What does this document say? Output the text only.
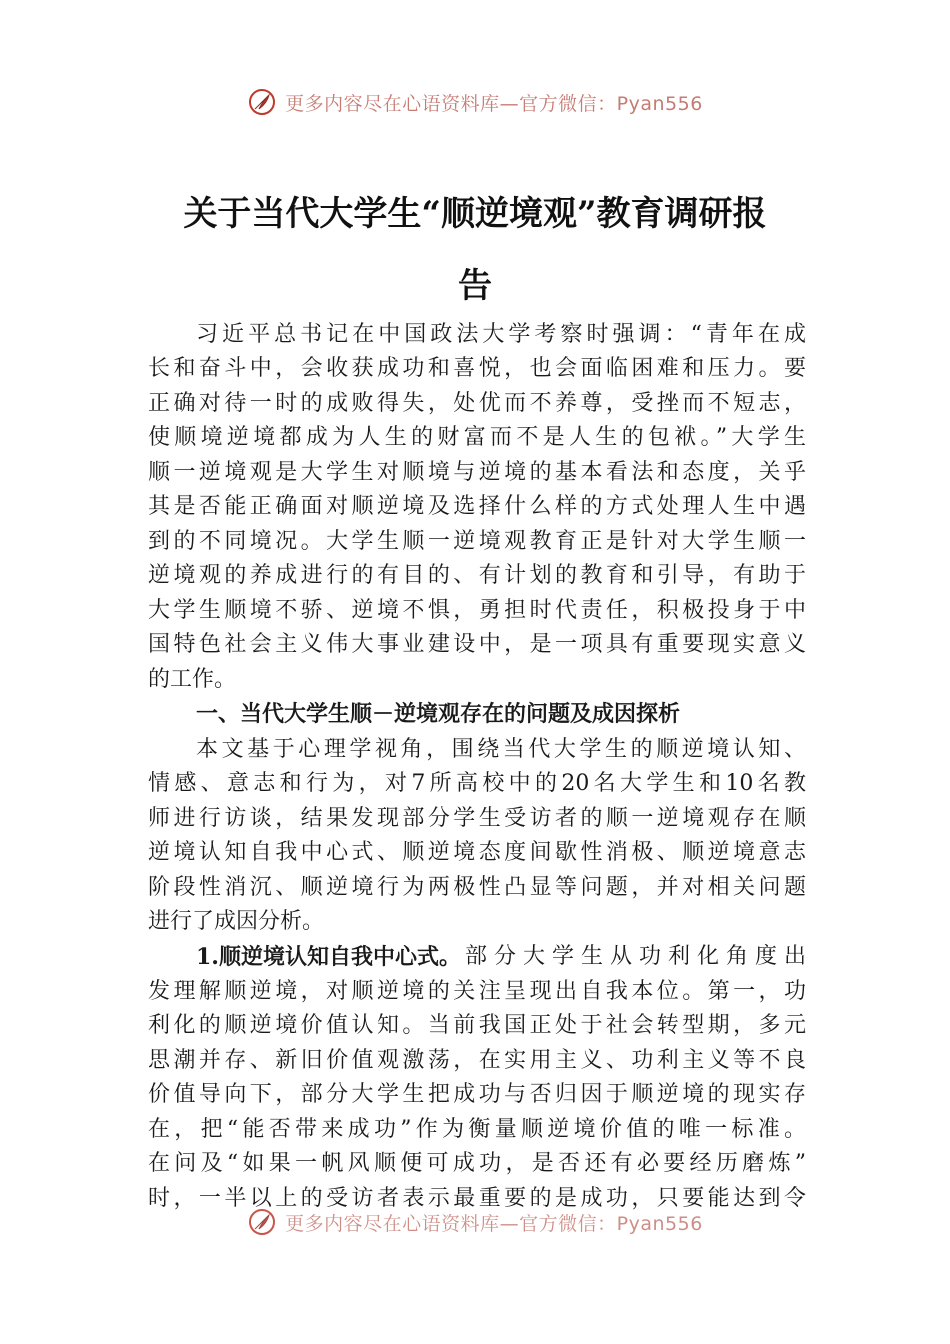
更多内容尽在心语资料库—官方微信：Pyan556
关于当代大学生“顺逆境观”教育调研报
告
习近平总书记在中国政法大学考察时强调：“青年在成
长和奋斗中，会收获成功和喜悦，也会面临困难和压力。要
正确对待一时的成败得失，处优而不养尊，受挫而不短志，
使顺境逆境都成为人生的财富而不是人生的包袱。”大学生
顺一逆境观是大学生对顺境与逆境的基本看法和态度，关乎
其是否能正确面对顺逆境及选择什么样的方式处理人生中遇
到的不同境况。大学生顺一逆境观教育正是针对大学生顺一
逆境观的养成进行的有目的、有计划的教育和引导，有助于
大学生顺境不骄、逆境不惧，勇担时代责任，积极投身于中
国特色社会主义伟大事业建设中，是一项具有重要现实意义
的工作。
一、当代大学生顺－逆境观存在的问题及成因探析
本文基于心理学视角，围绕当代大学生的顺逆境认知、
情感、意志和行为，对7所高校中的20名大学生和10名教
师进行访谈，结果发现部分学生受访者的顺一逆境观存在顺
逆境认知自我中心式、顺逆境态度间歇性消极、顺逆境意志
阶段性消沉、顺逆境行为两极性凸显等问题，并对相关问题
进行了成因分析。
1.顺逆境认知自我中心式。 部分大学生从功利化角度出
发理解顺逆境，对顺逆境的关注呈现出自我本位。第一，功
利化的顺逆境价值认知。当前我国正处于社会转型期，多元
思潮并存、新旧价值观激荡，在实用主义、功利主义等不良
价值导向下，部分大学生把成功与否归因于顺逆境的现实存
在，把“能否带来成功”作为衡量顺逆境价值的唯一标准。
在问及“如果一帆风顺便可成功，是否还有必要经历磨炼”
时，一半以上的受访者表示最重要的是成功，只要能达到令
更多内容尽在心语资料库—官方微信：Pyan556
